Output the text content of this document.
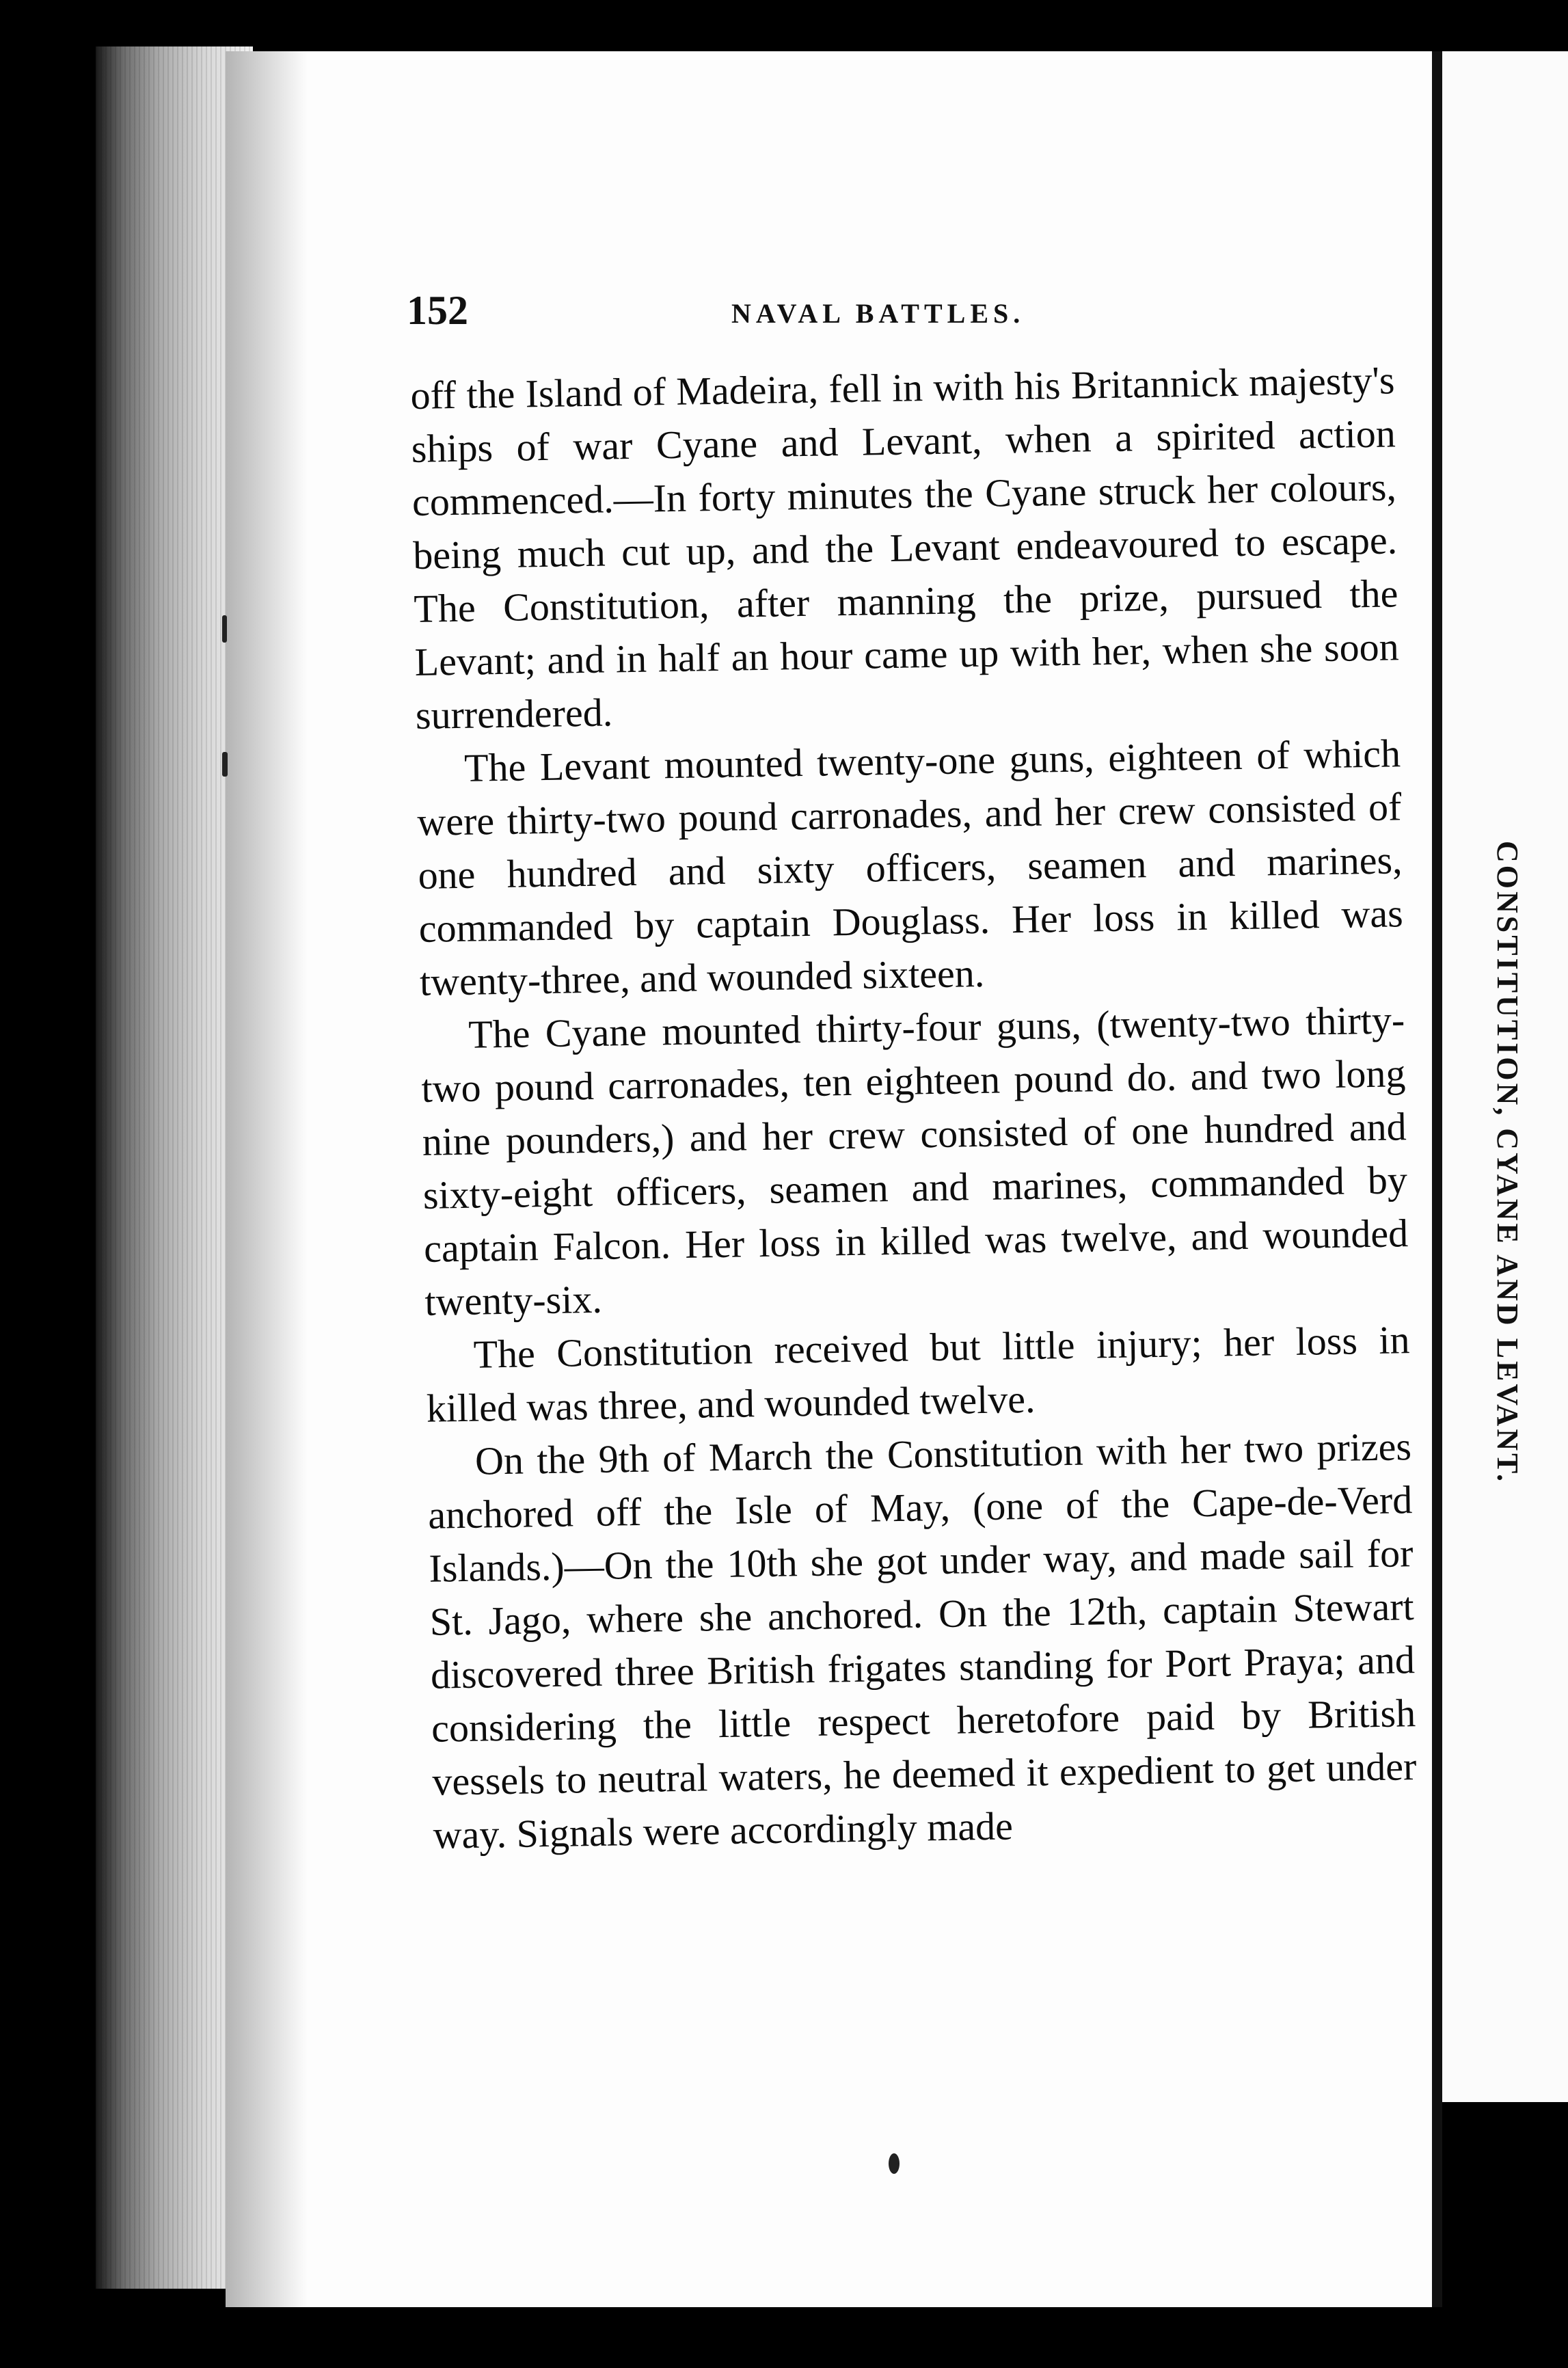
152	NAVAL BATTLES.

off the Island of Madeira, fell in with his Britannick majesty's ships of war Cyane and Levant, when a spirited action commenced.—In forty minutes the Cyane struck her colours, being much cut up, and the Levant endeavoured to escape. The Constitution, after manning the prize, pursued the Levant; and in half an hour came up with her, when she soon surrendered.

The Levant mounted twenty-one guns, eighteen of which were thirty-two pound carronades, and her crew consisted of one hundred and sixty officers, seamen and marines, commanded by captain Douglass. Her loss in killed was twenty-three, and wounded sixteen.

The Cyane mounted thirty-four guns, (twenty-two thirty-two pound carronades, ten eighteen pound do. and two long nine pounders,) and her crew consisted of one hundred and sixty-eight officers, seamen and marines, commanded by captain Falcon. Her loss in killed was twelve, and wounded twenty-six.

The Constitution received but little injury; her loss in killed was three, and wounded twelve.

On the 9th of March the Constitution with her two prizes anchored off the Isle of May, (one of the Cape-de-Verd Islands.)—On the 10th she got under way, and made sail for St. Jago, where she anchored. On the 12th, captain Stewart discovered three British frigates standing for Port Praya; and considering the little respect heretofore paid by British vessels to neutral waters, he deemed it expedient to get under way. Signals were accordingly made

CONSTITUTION, CYANE AND LEVANT.
